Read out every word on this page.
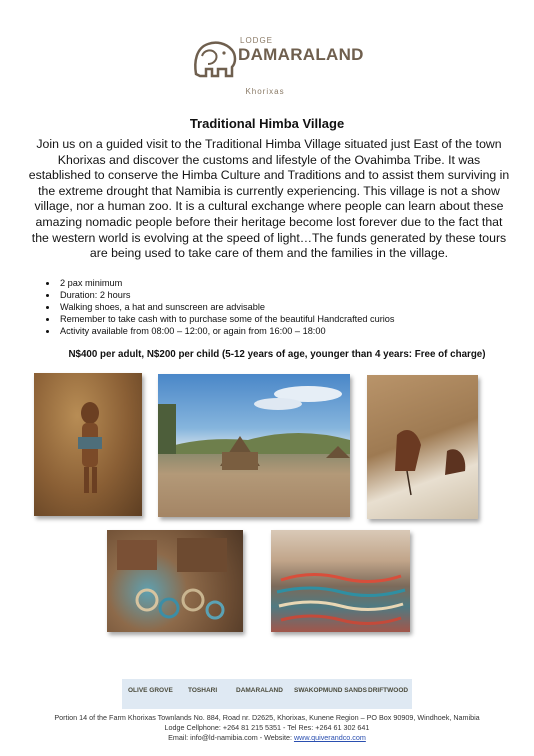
LODGE
DAMARALAND
Khorixas
Traditional Himba Village
Join us on a guided visit to the Traditional Himba Village situated just East of the town Khorixas and discover the customs and lifestyle of the Ovahimba Tribe. It was established to conserve the Himba Culture and Traditions and to assist them surviving in the extreme drought that Namibia is currently experiencing. This village is not a show village, nor a human zoo. It is a cultural exchange where people can learn about these amazing nomadic people before their heritage become lost forever due to the fact that the western world is evolving at the speed of light…The funds generated by these tours are being used to take care of them and the families in the village.
• 2 pax minimum
• Duration: 2 hours
• Walking shoes, a hat and sunscreen are advisable
• Remember to take cash with to purchase some of the beautiful Handcrafted curios
• Activity available from 08:00 – 12:00, or again from 16:00 – 18:00
N$400 per adult, N$200 per child (5-12 years of age, younger than 4 years: Free of charge)
OLIVE GROVE TOSHARI	DAMARALAND SWAKOPMUND SANDS DRIFTWOOD
Portion 14 of the Farm Khorixas Townlands No. 884, Road nr. D2625, Khorixas, Kunene Region – PO Box 90909, Windhoek, Namibia
Lodge Cellphone: +264 81 215 5351 - Tel Res: +264 61 302 641
Email: info@ld-namibia.com - Website: www.quiverandco.com
